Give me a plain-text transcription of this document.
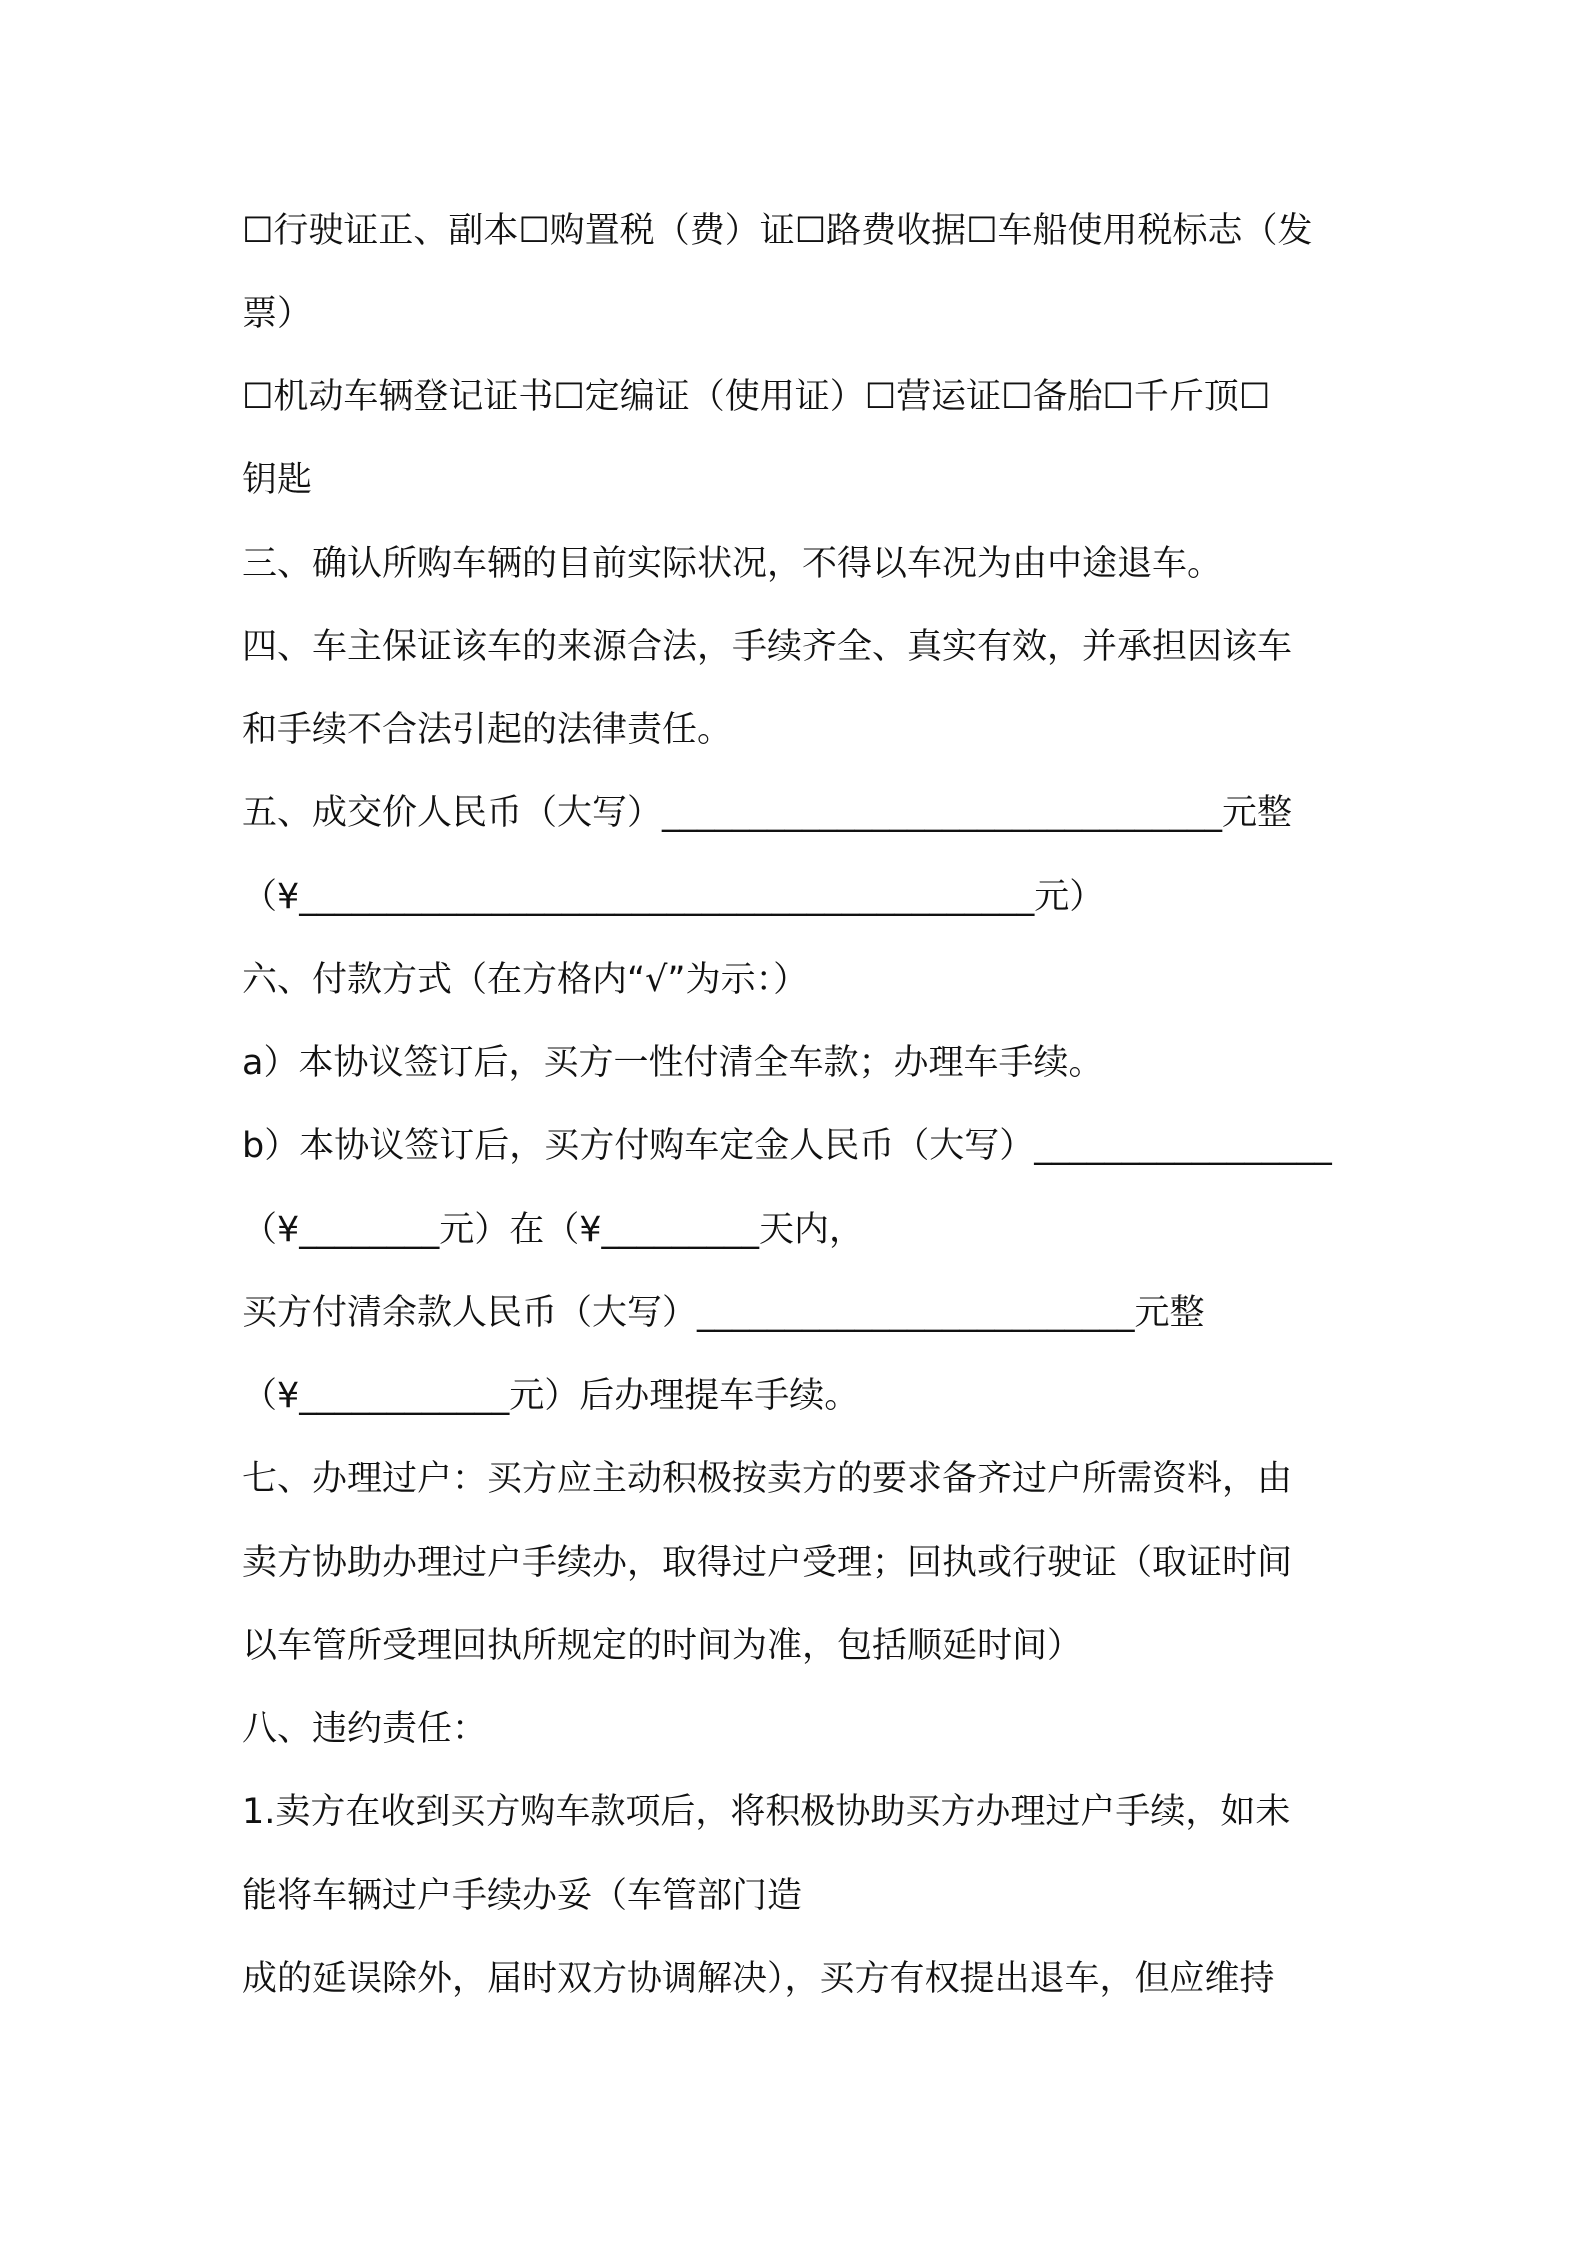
☐行驶证正、副本☐购置税（费）证☐路费收据☐车船使用税标志（发
票）
☐机动车辆登记证书☐定编证（使用证）☐营运证☐备胎☐千斤顶☐
钥匙
三、确认所购车辆的目前实际状况，不得以车况为由中途退车。
四、车主保证该车的来源合法，手续齐全、真实有效，并承担因该车
和手续不合法引起的法律责任。
五、成交价人民币（大写）________________________________元整
（¥__________________________________________元）
六、付款方式（在方格内“√”为示：）
a）本协议签订后，买方一性付清全车款；办理车手续。
b）本协议签订后，买方付购车定金人民币（大写）_________________
（¥________元）在（¥_________天内，
买方付清余款人民币（大写）_________________________元整
（¥____________元）后办理提车手续。
七、办理过户：买方应主动积极按卖方的要求备齐过户所需资料，由
卖方协助办理过户手续办，取得过户受理；回执或行驶证（取证时间
以车管所受理回执所规定的时间为准，包括顺延时间）
八、违约责任：
1.卖方在收到买方购车款项后，将积极协助买方办理过户手续，如未
能将车辆过户手续办妥（车管部门造
成的延误除外，届时双方协调解决），买方有权提出退车，但应维持
